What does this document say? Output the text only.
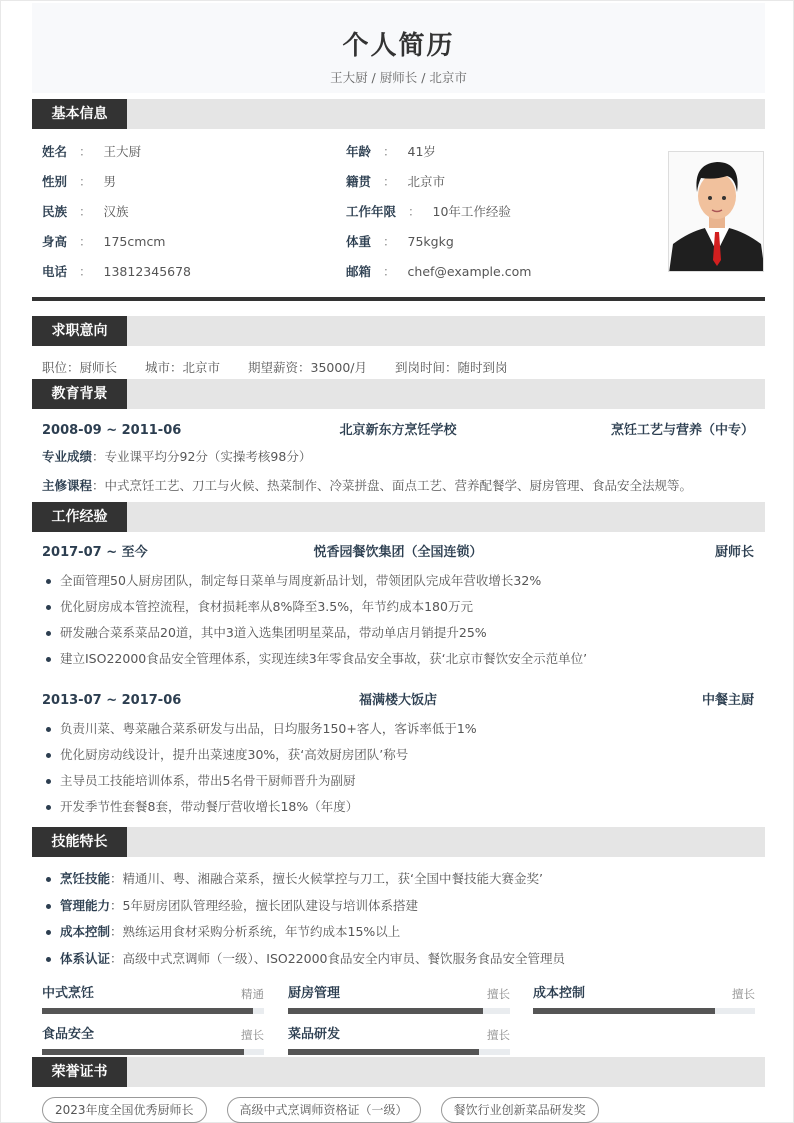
个人简历
王大厨 / 厨师长 / 北京市
基本信息
姓名 ： 王大厨
性别 ： 男
民族 ： 汉族
身高 ： 175cmcm
电话 ： 13812345678
年龄 ： 41岁
籍贯 ： 北京市
工作年限 ： 10年工作经验
体重 ： 75kgkg
邮箱 ： chef@example.com
求职意向
职位：厨师长 城市：北京市 期望薪资：35000/月 到岗时间：随时到岗
教育背景
2008-09 ~ 2011-06	北京新东方烹饪学校	烹饪工艺与营养（中专）
专业成绩：专业课平均分92分（实操考核98分）
主修课程：中式烹饪工艺、刀工与火候、热菜制作、冷菜拼盘、面点工艺、营养配餐学、厨房管理、食品安全法规等。
工作经验
2017-07 ~ 至今	悦香园餐饮集团（全国连锁）	厨师长
全面管理50人厨房团队，制定每日菜单与周度新品计划，带领团队完成年营收增长32%
优化厨房成本管控流程，食材损耗率从8%降至3.5%，年节约成本180万元
研发融合菜系菜品20道，其中3道入选集团明星菜品，带动单店月销提升25%
建立ISO22000食品安全管理体系，实现连续3年零食品安全事故，获‘北京市餐饮安全示范单位’
2013-07 ~ 2017-06	福满楼大饭店	中餐主厨
负责川菜、粤菜融合菜系研发与出品，日均服务150+客人，客诉率低于1%
优化厨房动线设计，提升出菜速度30%，获‘高效厨房团队’称号
主导员工技能培训体系，带出5名骨干厨师晋升为副厨
开发季节性套餐8套，带动餐厅营收增长18%（年度）
技能特长
烹饪技能：精通川、粤、湘融合菜系，擅长火候掌控与刀工，获‘全国中餐技能大赛金奖’
管理能力：5年厨房团队管理经验，擅长团队建设与培训体系搭建
成本控制：熟练运用食材采购分析系统，年节约成本15%以上
体系认证：高级中式烹调师（一级）、ISO22000食品安全内审员、餐饮服务食品安全管理员
中式烹饪	精通 厨房管理	擅长 成本控制	擅长
食品安全	擅长 菜品研发	擅长
荣誉证书
2023年度全国优秀厨师长	高级中式烹调师资格证（一级）	餐饮行业创新菜品研发奖
